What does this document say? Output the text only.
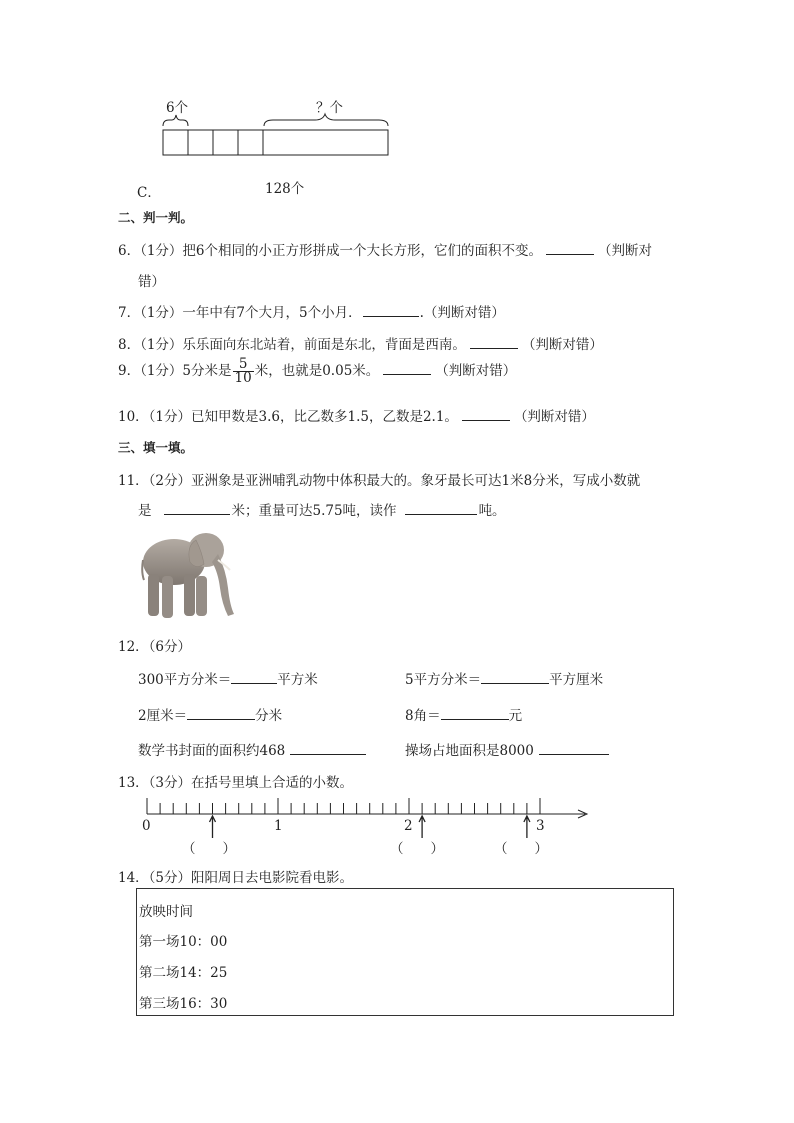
6个	？个
C．	128个
二、判一判。
6．（1分）把6个相同的小正方形拼成一个大长方形，它们的面积不变。	（判断对
错）
7．（1分）一年中有7个大月，5个小月．	.（判断对错）
8．（1分）乐乐面向东北站着，前面是东北，背面是西南。	（判断对错）
9．（1分）5分米是 $\frac{5}{10}$ 米，也就是0.05米。	（判断对错）
10．（1分）已知甲数是3.6，比乙数多1.5，乙数是2.1。	（判断对错）
三、填一填。
11．（2分）亚洲象是亚洲哺乳动物中体积最大的。象牙最长可达1米8分米，写成小数就
是	米；重量可达5.75吨，读作	吨。
12．（6分）
300平方分米＝	平方米	5平方分米＝	平方厘米
2厘米＝	分米	8角＝	元
数学书封面的面积约468	操场占地面积是8000
13．（3分）在括号里填上合适的小数。
0	1	2	3
（　　）	（　　）	（　　）
14．（5分）阳阳周日去电影院看电影。
放映时间
第一场10：00
第二场14：25
第三场16：30
